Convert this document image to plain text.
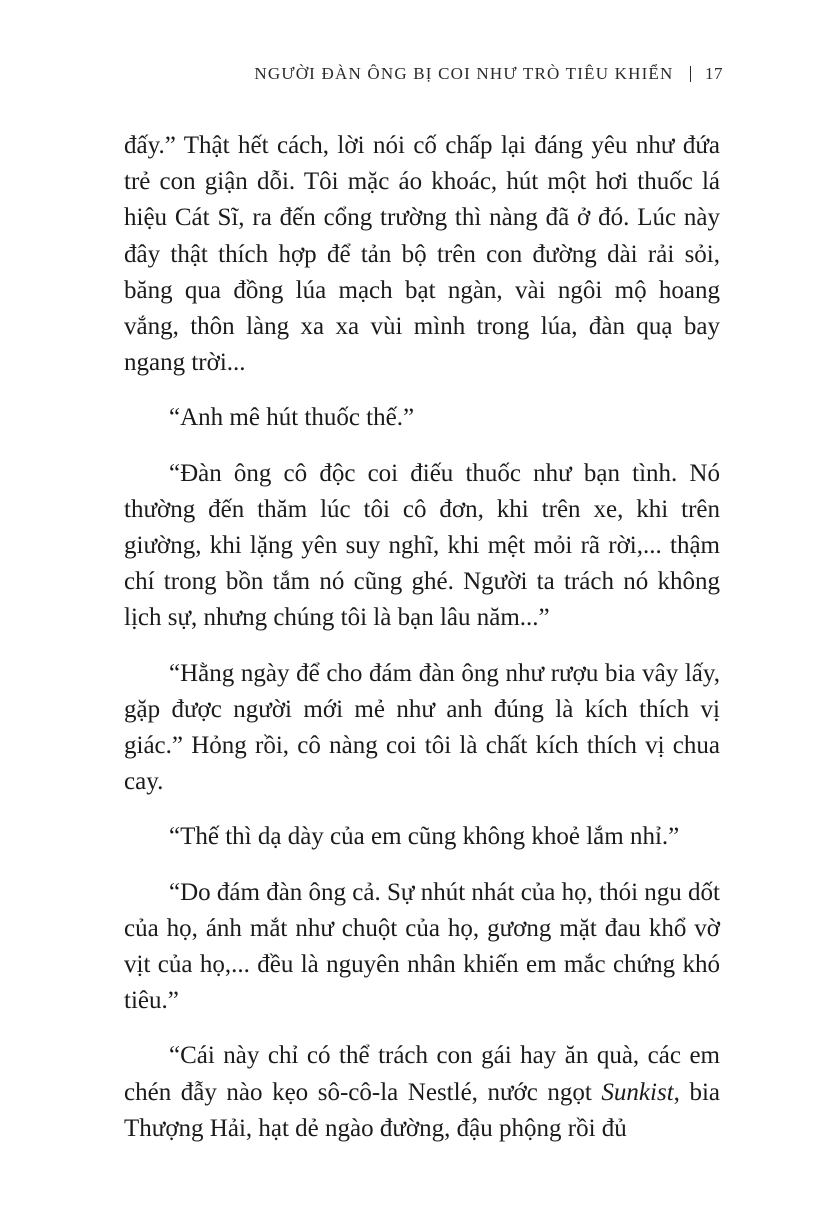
NGƯỜI ĐÀN ÔNG BỊ COI NHƯ TRÒ TIÊU KHIỂN 17

đấy.” Thật hết cách, lời nói cố chấp lại đáng yêu như đứa trẻ con giận dỗi. Tôi mặc áo khoác, hút một hơi thuốc lá hiệu Cát Sĩ, ra đến cổng trường thì nàng đã ở đó. Lúc này đây thật thích hợp để tản bộ trên con đường dài rải sỏi, băng qua đồng lúa mạch bạt ngàn, vài ngôi mộ hoang vắng, thôn làng xa xa vùi mình trong lúa, đàn quạ bay ngang trời...

“Anh mê hút thuốc thế.”

“Đàn ông cô độc coi điếu thuốc như bạn tình. Nó thường đến thăm lúc tôi cô đơn, khi trên xe, khi trên giường, khi lặng yên suy nghĩ, khi mệt mỏi rã rời,... thậm chí trong bồn tắm nó cũng ghé. Người ta trách nó không lịch sự, nhưng chúng tôi là bạn lâu năm...”

“Hằng ngày để cho đám đàn ông như rượu bia vây lấy, gặp được người mới mẻ như anh đúng là kích thích vị giác.” Hỏng rồi, cô nàng coi tôi là chất kích thích vị chua cay.

“Thế thì dạ dày của em cũng không khoẻ lắm nhỉ.”

“Do đám đàn ông cả. Sự nhút nhát của họ, thói ngu dốt của họ, ánh mắt như chuột của họ, gương mặt đau khổ vờ vịt của họ,... đều là nguyên nhân khiến em mắc chứng khó tiêu.”

“Cái này chỉ có thể trách con gái hay ăn quà, các em chén đẫy nào kẹo sô-cô-la Nestlé, nước ngọt Sunkist, bia Thượng Hải, hạt dẻ ngào đường, đậu phộng rồi đủ
